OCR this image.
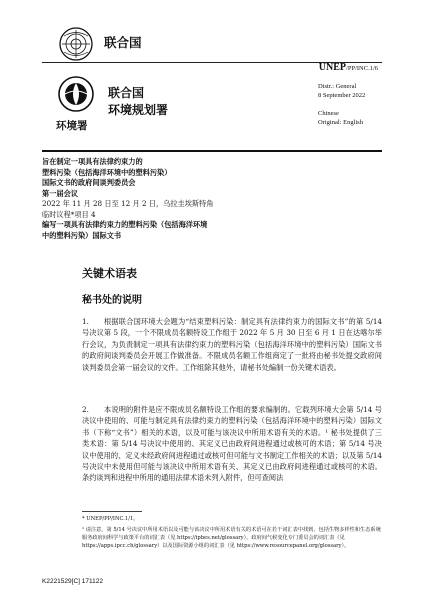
联合国
环境署
联合国
环境规划署
UNEP/PP/INC.1/6
Distr.: General
8 September 2022
Chinese
Original: English
旨在制定一项具有法律约束力的
塑料污染（包括海洋环境中的塑料污染）
国际文书的政府间谈判委员会
第一届会议
2022 年 11 月 28 日至 12 月 2 日，乌拉圭埃斯特角
临时议程*项目 4
编写一项具有法律约束力的塑料污染（包括海洋环境
中的塑料污染）国际文书
关键术语表
秘书处的说明
1.	根据联合国环境大会题为“结束塑料污染：制定具有法律约束力的国际文书”的第 5/14 号决议第 5 段，一个不限成员名额特设工作组于 2022 年 5 月 30 日至 6 月 1 日在达喀尔举行会议，为负责制定一项具有法律约束力的塑料污染（包括海洋环境中的塑料污染）国际文书的政府间谈判委员会开展工作做准备。不限成员名额工作组商定了一批将由秘书处提交政府间谈判委员会第一届会议的文件。工作组除其他外，请秘书处编制一份关键术语表。
2.	本说明的附件是应不限成员名额特设工作组的要求编制的。它载列环境大会第 5/14 号决议中使用的、可能与制定具有法律约束力的塑料污染（包括海洋环境中的塑料污染）国际文书（下称“文书”）相关的术语，以及可能与该决议中所用术语有关的术语。¹ 秘书处提供了三类术语：第 5/14 号决议中使用的、其定义已由政府间进程通过或核可的术语；第 5/14 号决议中使用的、定义未经政府间进程通过或核可但可能与文书制定工作相关的术语；以及第 5/14 号决议中未使用但可能与该决议中所用术语有关、其定义已由政府间进程通过或核可的术语。条约谈判和进程中所用的通用法律术语未列入附件，但可查阅法
* UNEP/PP/INC.1/1。
¹ 请注意，第 5/14 号决议中所用术语以及可能与该决议中所用术语有关的术语可在若干词汇表中找到，包括生物多样性和生态系统服务政府间科学与政策平台的词汇表（见 https://ipbes.net/glossary）、政府间气候变化专门委员会的词汇表（见 https://apps.ipcc.ch/glossary）以及国际资源小组的词汇表（见 https://www.resourcepanel.org/glossary）。
K2221529[C] 171122
